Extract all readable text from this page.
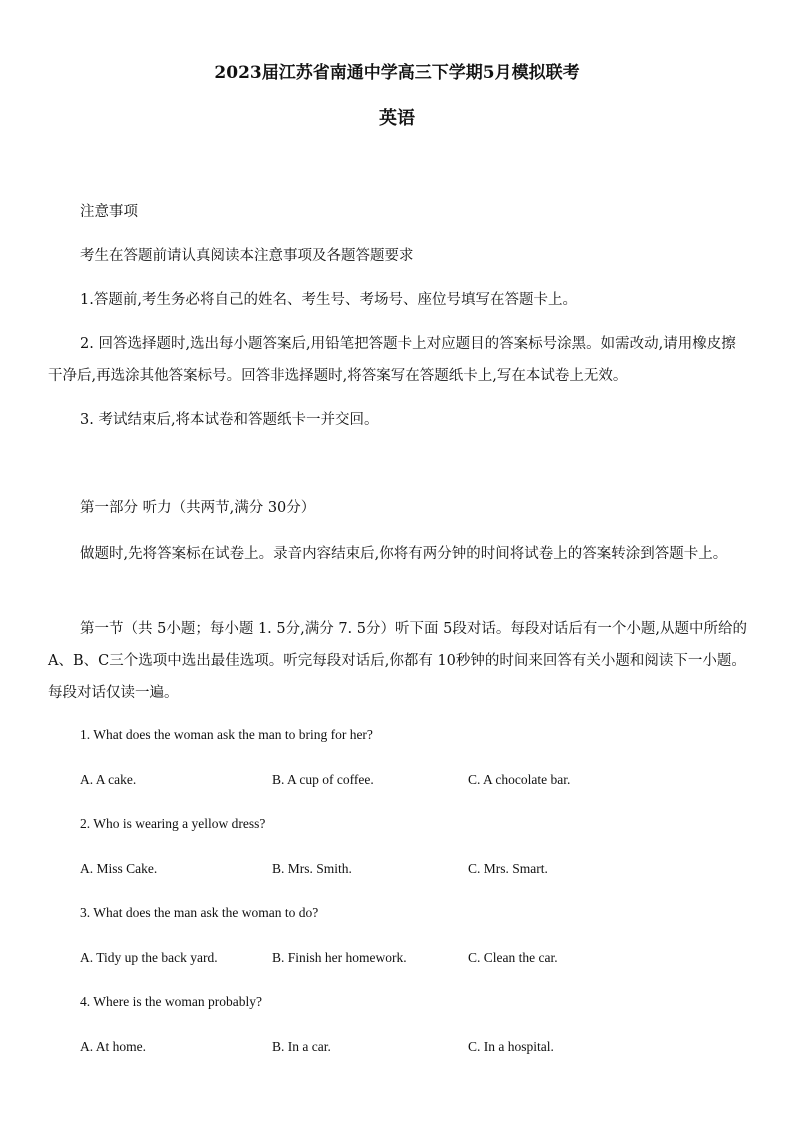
2023届江苏省南通中学高三下学期5月模拟联考
英语

注意事项

考生在答题前请认真阅读本注意事项及各题答题要求

1.答题前,考生务必将自己的姓名、考生号、考场号、座位号填写在答题卡上。

2. 回答选择题时,选出每小题答案后,用铅笔把答题卡上对应题目的答案标号涂黑。如需改动,请用橡皮擦干净后,再选涂其他答案标号。回答非选择题时,将答案写在答题纸卡上,写在本试卷上无效。

3. 考试结束后,将本试卷和答题纸卡一并交回。

第一部分 听力（共两节,满分 30分）

做题时,先将答案标在试卷上。录音内容结束后,你将有两分钟的时间将试卷上的答案转涂到答题卡上。

第一节（共 5小题；每小题 1. 5分,满分 7. 5分）听下面 5段对话。每段对话后有一个小题,从题中所给的 A、B、C三个选项中选出最佳选项。听完每段对话后,你都有 10秒钟的时间来回答有关小题和阅读下一小题。每段对话仅读一遍。

1. What does the woman ask the man to bring for her?
A. A cake.	B. A cup of coffee.	C. A chocolate bar.
2. Who is wearing a yellow dress?
A. Miss Cake.	B. Mrs. Smith.	C. Mrs. Smart.
3. What does the man ask the woman to do?
A. Tidy up the back yard.	B. Finish her homework.	C. Clean the car.
4. Where is the woman probably?
A. At home.	B. In a car.	C. In a hospital.
